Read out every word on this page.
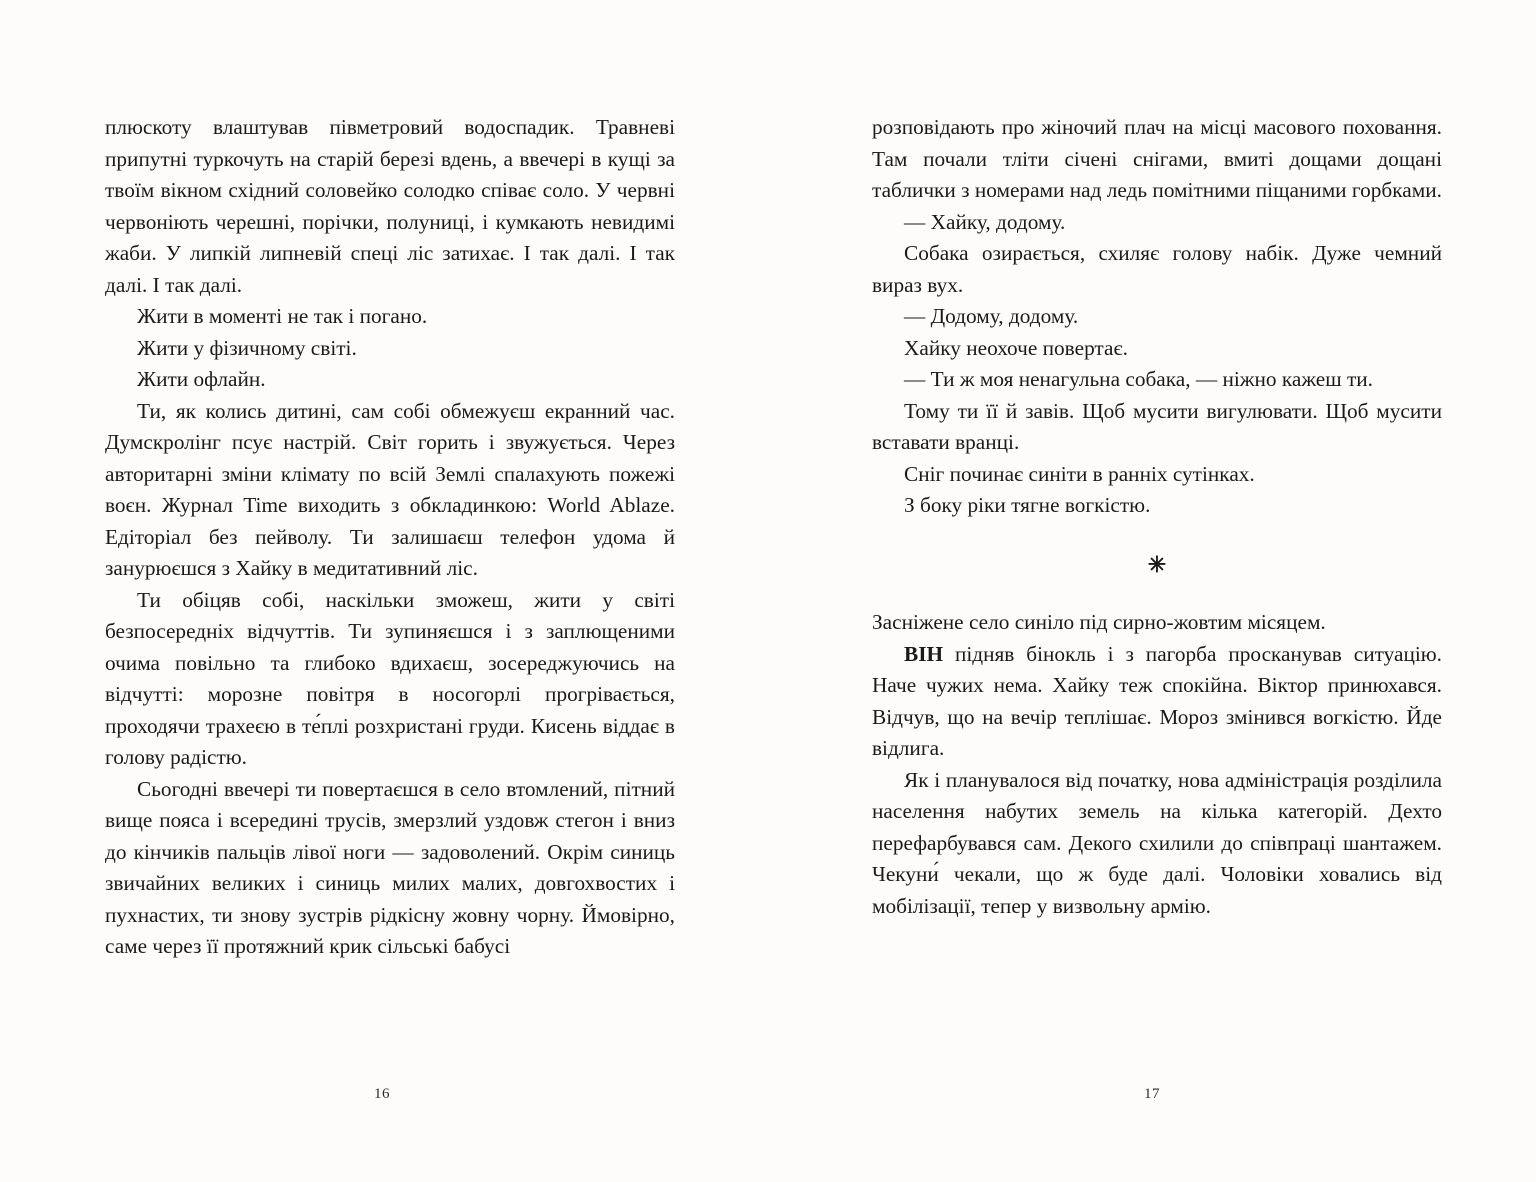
плюскоту влаштував півметровий водоспадик. Травневі припутні туркочуть на старій березі вдень, а ввечері в кущі за твоїм вікном східний соловейко солодко співає соло. У червні червоніють черешні, порічки, полуниці, і кумкають невидимі жаби. У липкій липневій спеці ліс затихає. І так далі. І так далі. І так далі.

Жити в моменті не так і погано.

Жити у фізичному світі.

Жити офлайн.

Ти, як колись дитині, сам собі обмежуєш екранний час. Думскролінг псує настрій. Світ горить і звужується. Через авторитарні зміни клімату по всій Землі спалахують пожежі воєн. Журнал Time виходить з обкладинкою: World Ablaze. Едіторіал без пейволу. Ти залишаєш телефон удома й занурюєшся з Хайку в медитативний ліс.

Ти обіцяв собі, наскільки зможеш, жити у світі безпосередніх відчуттів. Ти зупиняєшся і з заплющеними очима повільно та глибоко вдихаєш, зосереджуючись на відчутті: морозне повітря в носогорлі прогрівається, проходячи трахеєю в те́плі розхристані груди. Кисень віддає в голову радістю.

Сьогодні ввечері ти повертаєшся в село втомлений, пітний вище пояса і всередині трусів, змерзлий уздовж стегон і вниз до кінчиків пальців лівої ноги — задоволений. Окрім синиць звичайних великих і синиць милих малих, довгохвостих і пухнастих, ти знову зустрів рідкісну жовну чорну. Ймовірно, саме через її протяжний крик сільські бабусі

16

розповідають про жіночий плач на місці масового поховання. Там почали тліти січені снігами, вмиті дощами дощані таблички з номерами над ледь помітними піщаними горбками.

— Хайку, додому.

Собака озирається, схиляє голову набік. Дуже чемний вираз вух.

— Додому, додому.

Хайку неохоче повертає.

— Ти ж моя ненагульна собака, — ніжно кажеш ти.

Тому ти її й завів. Щоб мусити вигулювати. Щоб мусити вставати вранці.

Сніг починає синіти в ранніх сутінках.

З боку ріки тягне вогкістю.

✳

Засніжене село синіло під сирно-жовтим місяцем.

ВІН підняв бінокль і з пагорба просканував ситуацію. Наче чужих нема. Хайку теж спокійна. Віктор принюхався. Відчув, що на вечір теплішає. Мороз змінився вогкістю. Йде відлига.

Як і планувалося від початку, нова адміністрація розділила населення набутих земель на кілька категорій. Дехто перефарбувався сам. Декого схилили до співпраці шантажем. Чекуни́ чекали, що ж буде далі. Чоловіки ховались від мобілізації, тепер у визвольну армію.

17
